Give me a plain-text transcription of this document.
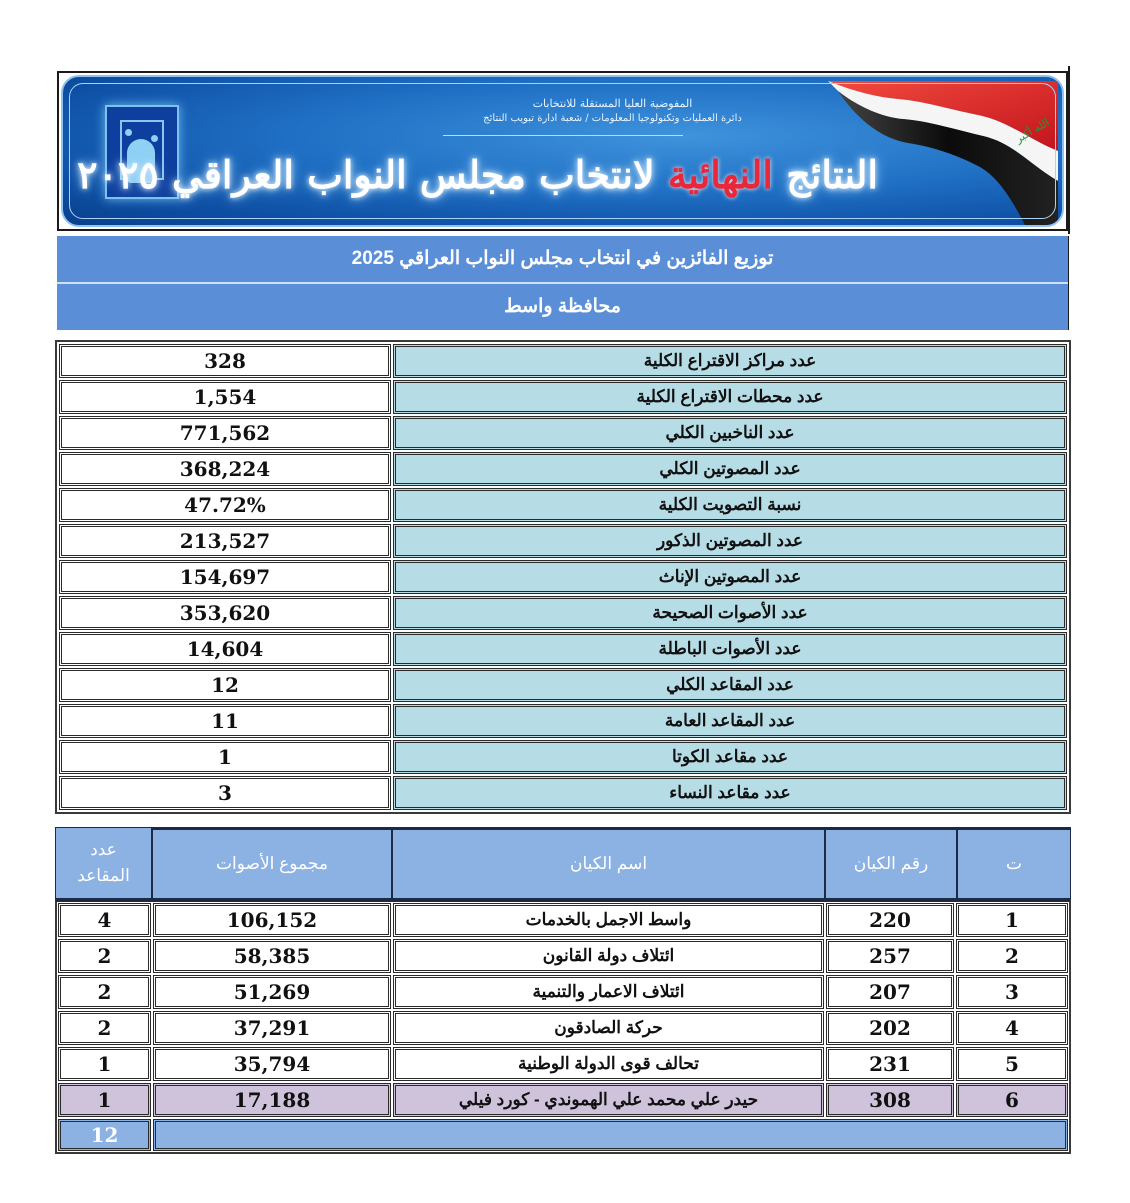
المفوضية العليا المستقلة للانتخابات
دائرة العمليات وتكنولوجيا المعلومات / شعبة ادارة تبويب النتائج
النتائج النهائية لانتخاب مجلس النواب العراقي ٢٠٢٥
الله أكبر
توزيع الفائزين في انتخاب مجلس النواب العراقي 2025
محافظة واسط
328	عدد مراكز الاقتراع الكلية
1,554	عدد محطات الاقتراع الكلية
771,562	عدد الناخبين الكلي
368,224	عدد المصوتين الكلي
47.72%	نسبة التصويت الكلية
213,527	عدد المصوتين الذكور
154,697	عدد المصوتين الإناث
353,620	عدد الأصوات الصحيحة
14,604	عدد الأصوات الباطلة
12	عدد المقاعد الكلي
11	عدد المقاعد العامة
1	عدد مقاعد الكوتا
3	عدد مقاعد النساء
عدد
المقاعد
مجموع الأصوات	اسم الكيان	رقم الكيان	ت
4	106,152	واسط الاجمل بالخدمات	220	1
2	58,385	ائتلاف دولة القانون	257	2
2	51,269	ائتلاف الاعمار والتنمية	207	3
2	37,291	حركة الصادقون	202	4
1	35,794	تحالف قوى الدولة الوطنية	231	5
1	17,188	حيدر علي محمد علي الهموندي - كورد فيلي	308	6
12
